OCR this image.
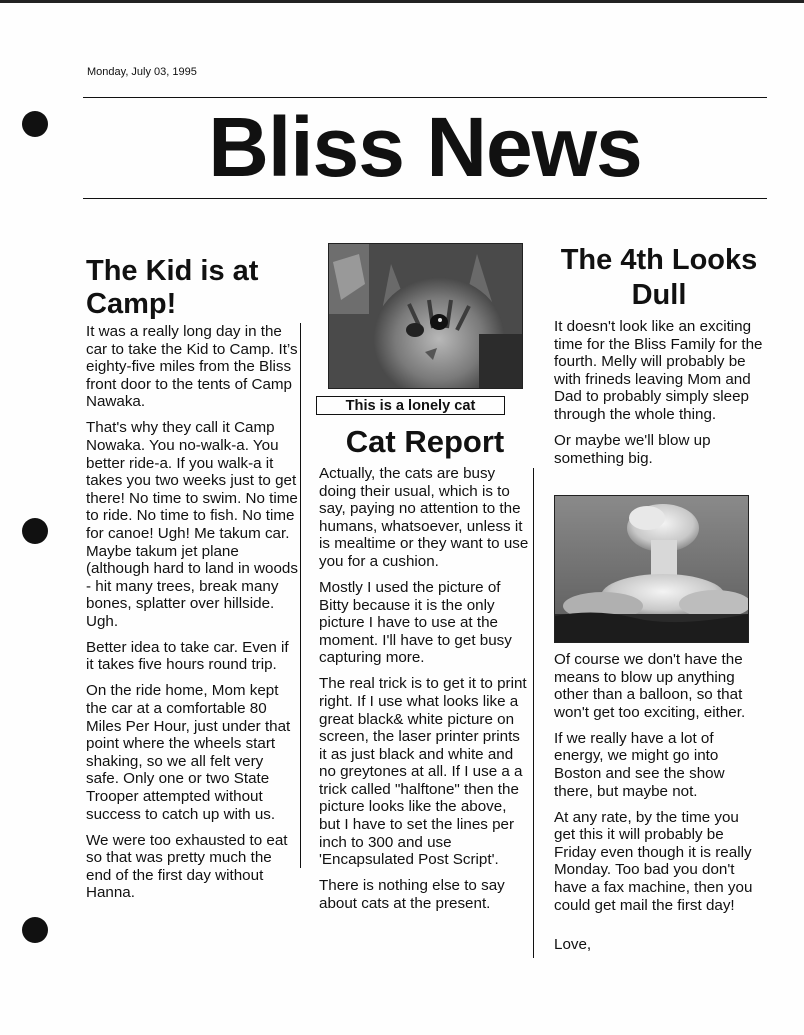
Monday, July 03, 1995
Bliss News
The Kid is at Camp!

It was a really long day in the car to take the Kid to Camp. It’s eighty-five miles from the Bliss front door to the tents of Camp Nawaka.

That's why they call it Camp Nowaka. You no-walk-a. You better ride-a. If you walk-a it takes you two weeks just to get there! No time to swim. No time to ride. No time to fish. No time for canoe! Ugh! Me takum car. Maybe takum jet plane (although hard to land in woods - hit many trees, break many bones, splatter over hillside. Ugh.

Better idea to take car. Even if it takes five hours round trip.

On the ride home, Mom kept the car at a comfortable 80 Miles Per Hour, just under that point where the wheels start shaking, so we all felt very safe. Only one or two State Trooper attempted without success to catch up with us.

We were too exhausted to eat so that was pretty much the end of the first day without Hanna.

This is a lonely cat
Cat Report

Actually, the cats are busy doing their usual, which is to say, paying no attention to the humans, whatsoever, unless it is mealtime or they want to use you for a cushion.

Mostly I used the picture of Bitty because it is the only picture I have to use at the moment. I'll have to get busy capturing more.

The real trick is to get it to print right. If I use what looks like a great black& white picture on screen, the laser printer prints it as just black and white and no greytones at all. If I use a a trick called "halftone" then the picture looks like the above, but I have to set the lines per inch to 300 and use 'Encapsulated Post Script'.

There is nothing else to say about cats at the present.

The 4th Looks Dull

It doesn't look like an exciting time for the Bliss Family for the fourth. Melly will probably be with frineds leaving Mom and Dad to probably simply sleep through the whole thing.

Or maybe we'll blow up something big.

Of course we don't have the means to blow up anything other than a balloon, so that won't get too exciting, either.

If we really have a lot of energy, we might go into Boston and see the show there, but maybe not.

At any rate, by the time you get this it will probably be Friday even though it is really Monday. Too bad you don't have a fax machine, then you could get mail the first day!

Love,
